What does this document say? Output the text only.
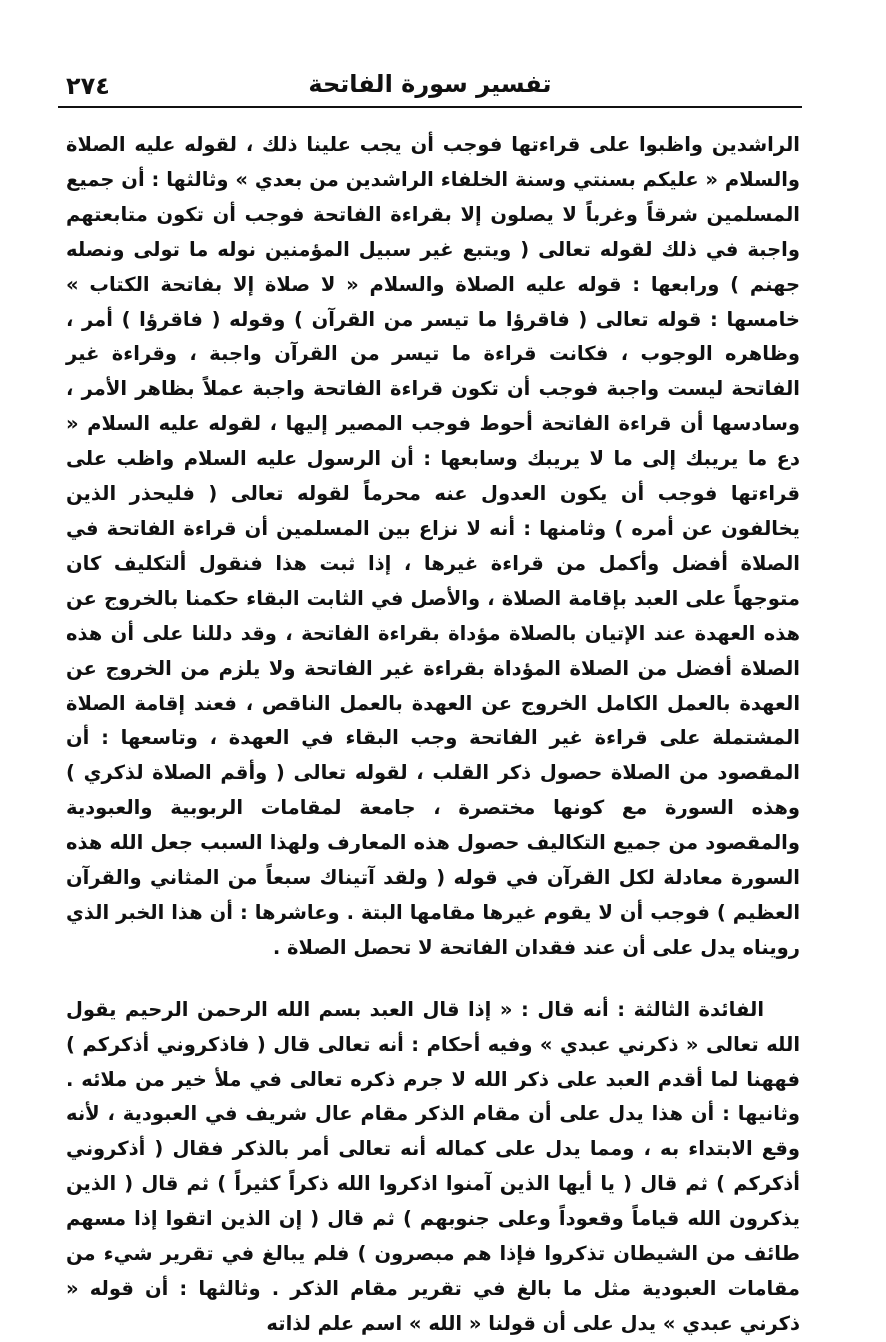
٢٧٤	تفسير سورة الفاتحة

الراشدين واظبوا على قراءتها فوجب أن يجب علينا ذلك ، لقوله عليه الصلاة والسلام « عليكم بسنتي وسنة الخلفاء الراشدين من بعدي » وثالثها : أن جميع المسلمين شرقاً وغرباً لا يصلون إلا بقراءة الفاتحة فوجب أن تكون متابعتهم واجبة في ذلك لقوله تعالى ( ويتبع غير سبيل المؤمنين نوله ما تولى ونصله جهنم ) ورابعها : قوله عليه الصلاة والسلام « لا صلاة إلا بفاتحة الكتاب » خامسها : قوله تعالى ( فاقرؤا ما تيسر من القرآن ) وقوله ( فاقرؤا ) أمر ، وظاهره الوجوب ، فكانت قراءة ما تيسر من القرآن واجبة ، وقراءة غير الفاتحة ليست واجبة فوجب أن تكون قراءة الفاتحة واجبة عملاً بظاهر الأمر ، وسادسها أن قراءة الفاتحة أحوط فوجب المصير إليها ، لقوله عليه السلام « دع ما يريبك إلى ما لا يريبك وسابعها : أن الرسول عليه السلام واظب على قراءتها فوجب أن يكون العدول عنه محرماً لقوله تعالى ( فليحذر الذين يخالفون عن أمره ) وثامنها : أنه لا نزاع بين المسلمين أن قراءة الفاتحة في الصلاة أفضل وأكمل من قراءة غيرها ، إذا ثبت هذا فنقول ألتكليف كان متوجهاً على العبد بإقامة الصلاة ، والأصل في الثابت البقاء حكمنا بالخروج عن هذه العهدة عند الإتيان بالصلاة مؤداة بقراءة الفاتحة ، وقد دللنا على أن هذه الصلاة أفضل من الصلاة المؤداة بقراءة غير الفاتحة ولا يلزم من الخروج عن العهدة بالعمل الكامل الخروج عن العهدة بالعمل الناقص ، فعند إقامة الصلاة المشتملة على قراءة غير الفاتحة وجب البقاء في العهدة ، وتاسعها : أن المقصود من الصلاة حصول ذكر القلب ، لقوله تعالى ( وأقم الصلاة لذكري ) وهذه السورة مع كونها مختصرة ، جامعة لمقامات الربوبية والعبودية والمقصود من جميع التكاليف حصول هذه المعارف ولهذا السبب جعل الله هذه السورة معادلة لكل القرآن في قوله ( ولقد آتيناك سبعاً من المثاني والقرآن العظيم ) فوجب أن لا يقوم غيرها مقامها البتة . وعاشرها : أن هذا الخبر الذي رويناه يدل على أن عند فقدان الفاتحة لا تحصل الصلاة .

الفائدة الثالثة : أنه قال : « إذا قال العبد بسم الله الرحمن الرحيم يقول الله تعالى « ذكرني عبدي » وفيه أحكام : أنه تعالى قال ( فاذكروني أذكركم ) فههنا لما أقدم العبد على ذكر الله لا جرم ذكره تعالى في ملأ خير من ملائه . وثانيها : أن هذا يدل على أن مقام الذكر مقام عال شريف في العبودية ، لأنه وقع الابتداء به ، ومما يدل على كماله أنه تعالى أمر بالذكر فقال ( أذكروني أذكركم ) ثم قال ( يا أيها الذين آمنوا اذكروا الله ذكراً كثيراً ) ثم قال ( الذين يذكرون الله قياماً وقعوداً وعلى جنوبهم ) ثم قال ( إن الذين اتقوا إذا مسهم طائف من الشيطان تذكروا فإذا هم مبصرون ) فلم يبالغ في تقرير شيء من مقامات العبودية مثل ما بالغ في تقرير مقام الذكر . وثالثها : أن قوله « ذكرني عبدي » يدل على أن قولنا « الله » اسم علم لذاته
